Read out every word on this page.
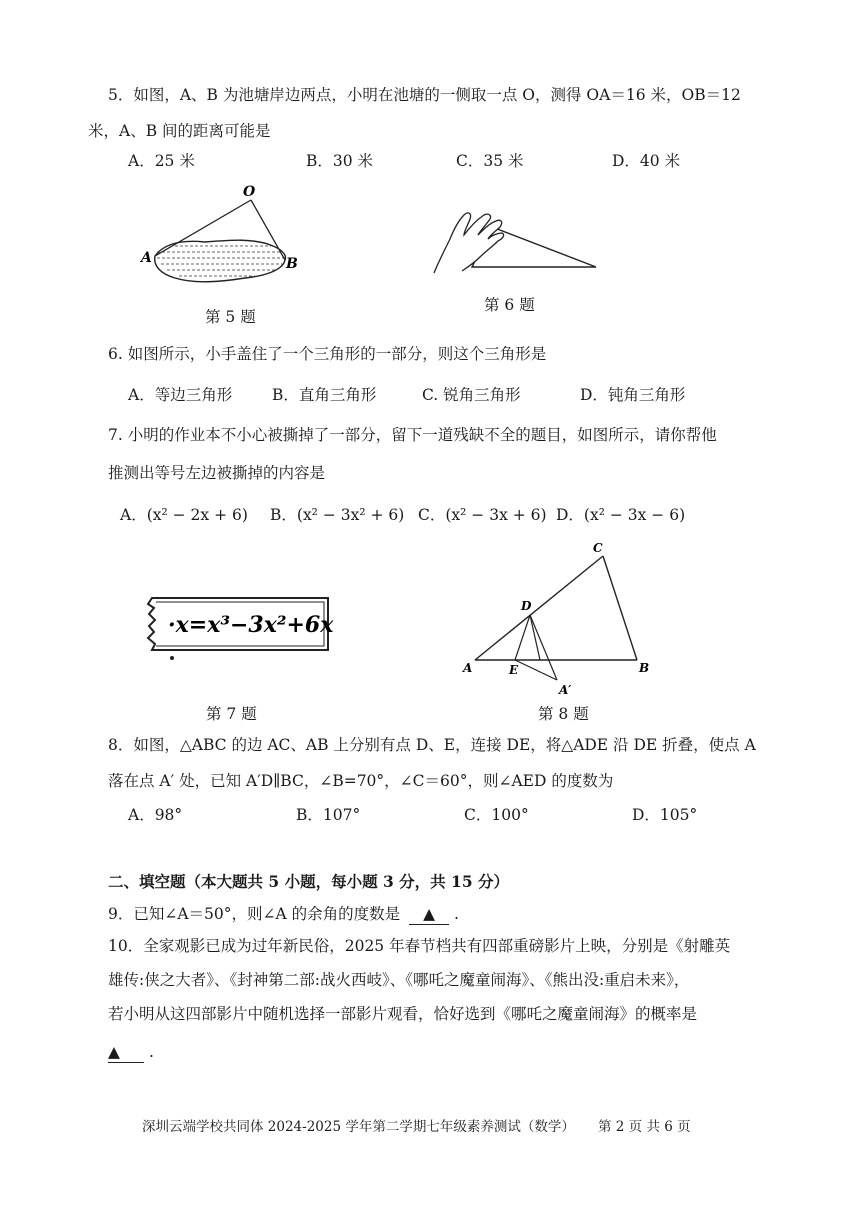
5．如图，A、B 为池塘岸边两点，小明在池塘的一侧取一点 O，测得 OA＝16 米，OB＝12
米，A、B 间的距离可能是
A．25 米	B．30 米	C．35 米	D．40 米
O
A	B
第 5 题
第 6 题
6. 如图所示，小手盖住了一个三角形的一部分，则这个三角形是
A．等边三角形	B．直角三角形	C. 锐角三角形	D．钝角三角形
7. 小明的作业本不小心被撕掉了一部分，留下一道残缺不全的题目，如图所示，请你帮他
推测出等号左边被撕掉的内容是
A．(x² − 2x + 6) B．(x² − 3x² + 6) C．(x² − 3x + 6) D．(x² − 3x − 6)
·x=x³−3x²+6x
第 7 题
C
D
A	E	B
A′
第 8 题
8．如图，△ABC 的边 AC、AB 上分别有点 D、E，连接 DE，将△ADE 沿 DE 折叠，使点 A
落在点 A′ 处，已知 A′D∥BC，∠B=70°，∠C＝60°，则∠AED 的度数为
A．98°	B．107°	C．100°	D．105°
二、填空题（本大题共 5 小题，每小题 3 分，共 15 分）
9．已知∠A＝50°，则∠A 的余角的度数是 ▲ .
10．全家观影已成为过年新民俗，2025 年春节档共有四部重磅影片上映，分别是《射雕英
雄传:侠之大者》、《封神第二部:战火西岐》、《哪吒之魔童闹海》、《熊出没:重启未来》，
若小明从这四部影片中随机选择一部影片观看，恰好选到《哪吒之魔童闹海》的概率是
▲ .
深圳云端学校共同体 2024-2025 学年第二学期七年级素养测试（数学） 第 2 页 共 6 页
